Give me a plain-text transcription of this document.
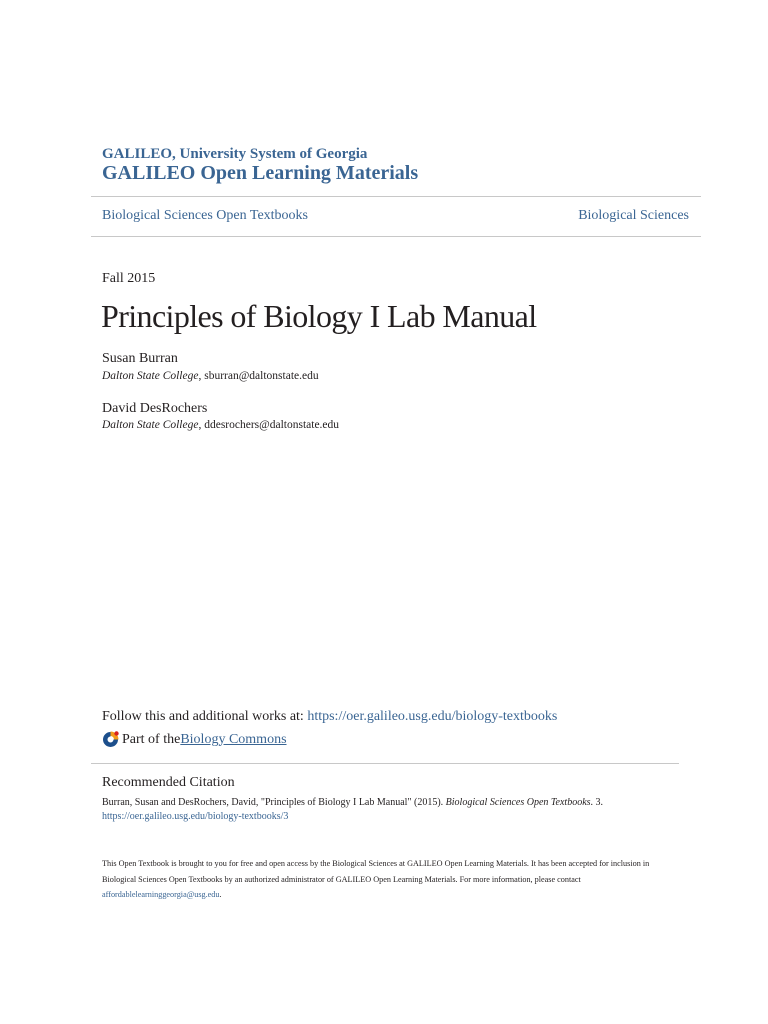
GALILEO, University System of Georgia
GALILEO Open Learning Materials
Biological Sciences Open Textbooks	Biological Sciences
Fall 2015
Principles of Biology I Lab Manual
Susan Burran
Dalton State College, sburran@daltonstate.edu
David DesRochers
Dalton State College, ddesrochers@daltonstate.edu
Follow this and additional works at: https://oer.galileo.usg.edu/biology-textbooks
Part of the Biology Commons
Recommended Citation
Burran, Susan and DesRochers, David, "Principles of Biology I Lab Manual" (2015). Biological Sciences Open Textbooks. 3.
https://oer.galileo.usg.edu/biology-textbooks/3
This Open Textbook is brought to you for free and open access by the Biological Sciences at GALILEO Open Learning Materials. It has been accepted for inclusion in Biological Sciences Open Textbooks by an authorized administrator of GALILEO Open Learning Materials. For more information, please contact affordablelearninggeorgia@usg.edu.
